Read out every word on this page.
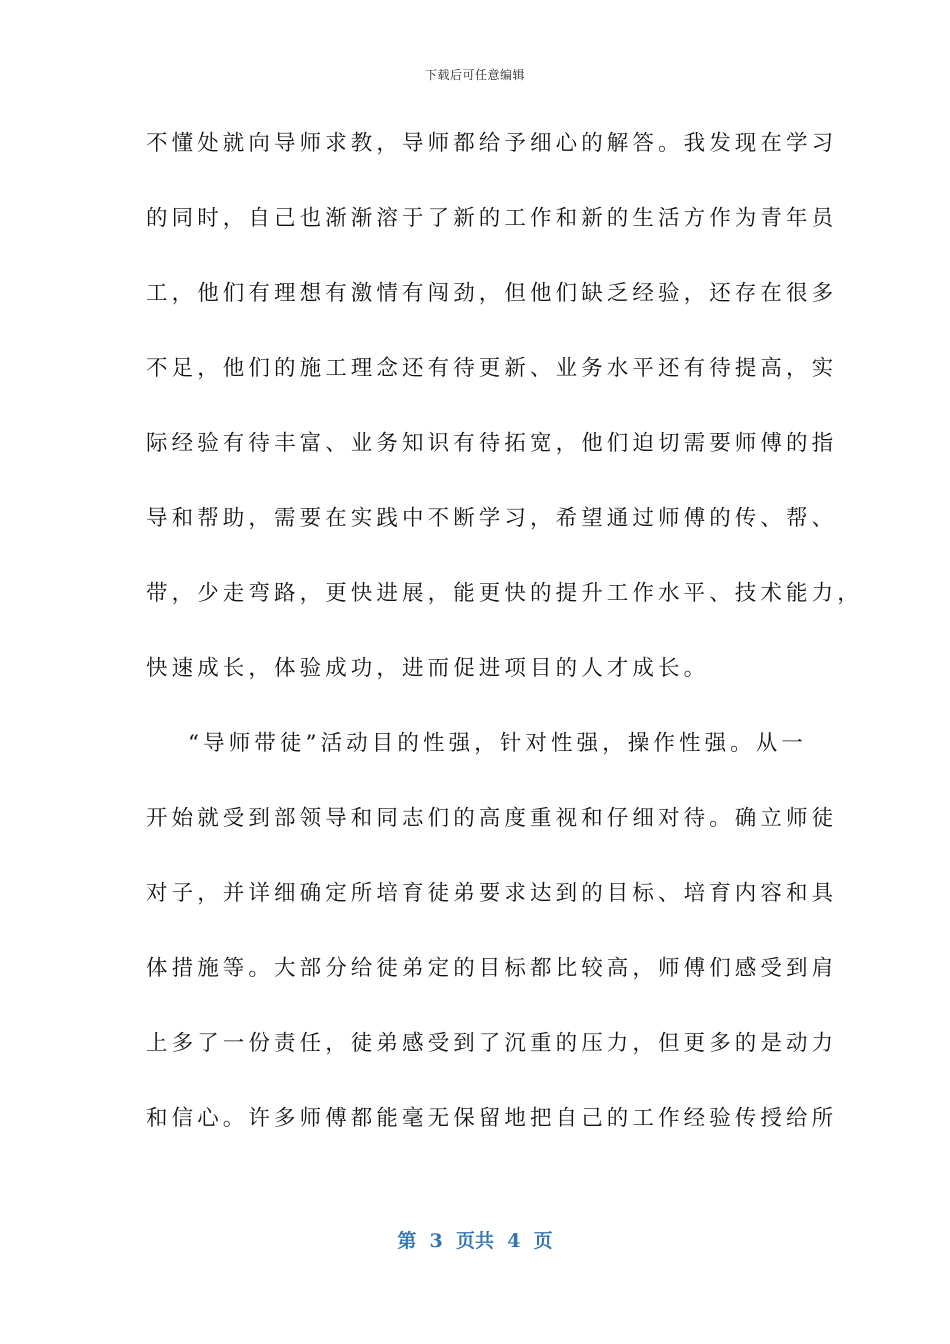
下载后可任意编辑
不懂处就向导师求教，导师都给予细心的解答。我发现在学习
的同时，自己也渐渐溶于了新的工作和新的生活方作为青年员
工，他们有理想有激情有闯劲，但他们缺乏经验，还存在很多
不足，他们的施工理念还有待更新、业务水平还有待提高，实
际经验有待丰富、业务知识有待拓宽，他们迫切需要师傅的指
导和帮助，需要在实践中不断学习，希望通过师傅的传、帮、
带，少走弯路，更快进展，能更快的提升工作水平、技术能力，
快速成长，体验成功，进而促进项目的人才成长。
“导师带徒”活动目的性强，针对性强，操作性强。从一
开始就受到部领导和同志们的高度重视和仔细对待。确立师徒
对子，并详细确定所培育徒弟要求达到的目标、培育内容和具
体措施等。大部分给徒弟定的目标都比较高，师傅们感受到肩
上多了一份责任，徒弟感受到了沉重的压力，但更多的是动力
和信心。许多师傅都能毫无保留地把自己的工作经验传授给所
第  3  页共  4  页
